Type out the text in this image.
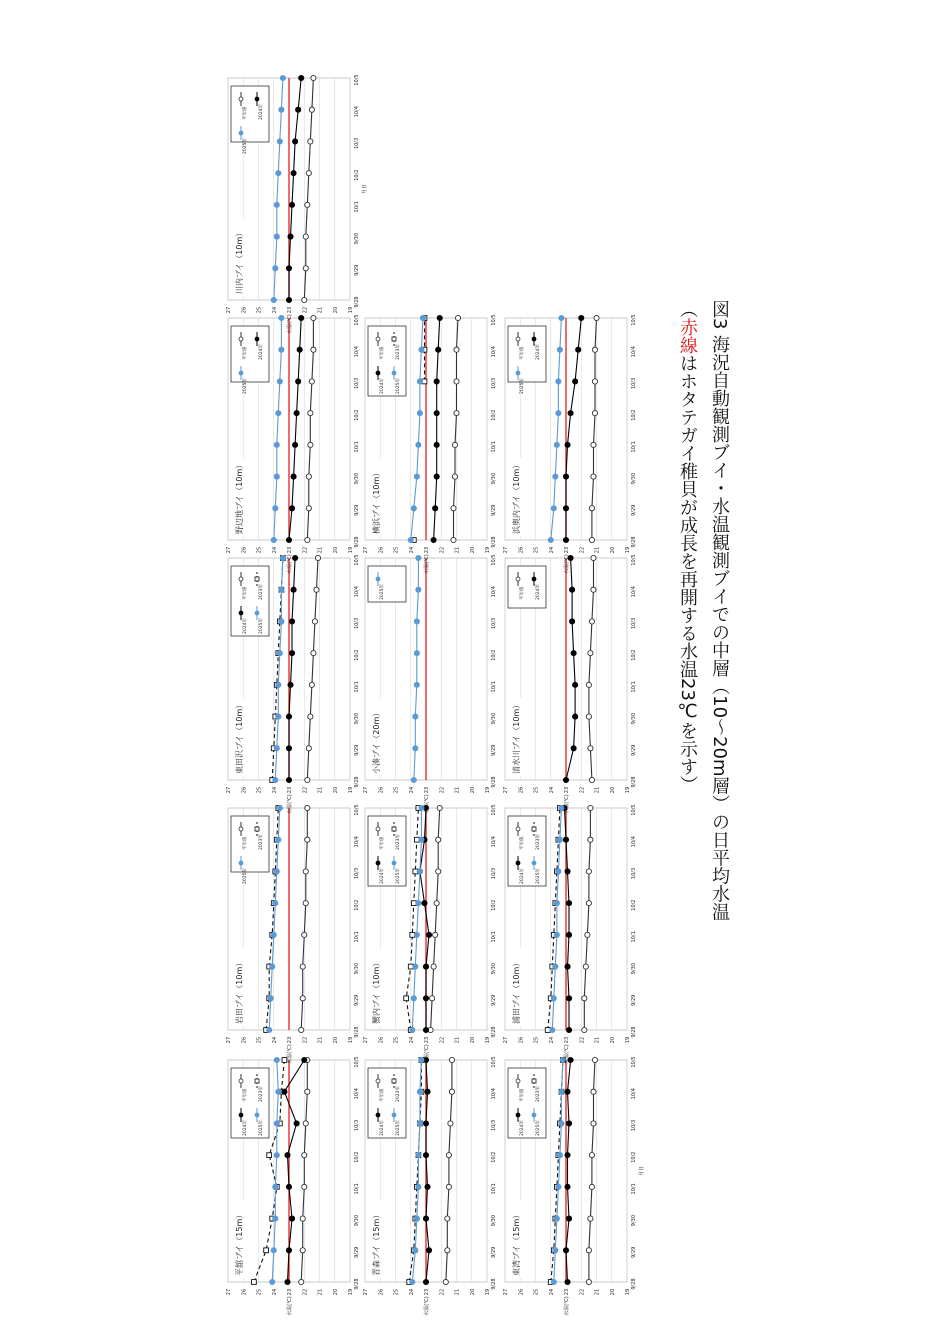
図3 海況自動観測ブイ・水温観測ブイでの中層（10〜20m層）の日平均水温
（赤線はホタテガイ稚貝が成長を再開する水温23℃を示す）
27 26 25 24 23 22 21 20 19
9/28
9/29
9/30
10/1
10/2
10/3
10/4
10/5
水温(℃)
平舘ブイ（15m）
平年値	2023年
2024年	2025年
27 26 25 24 23 22 21 20 19
9/28
9/29
9/30
10/1
10/2
10/3
10/4
10/5
水温(℃)
青森ブイ（15m）
平年値	2023年
2024年	2025年
27 26 25 24 23 22 21 20 19
9/28
9/29
9/30
10/1
10/2
10/3
10/4
10/5
水温(℃)
月日
東湾ブイ（15m）
平年値	2023年
2024年	2025年
27 26 25 24 23 22 21 20 19
9/28
9/29
9/30
10/1
10/2
10/3
10/4
10/5
水温(℃)
岩田ブイ（10m）
平年値	2023年
2025年
27 26 25 24 23 22 21 20 19
9/28
9/29
9/30
10/1
10/2
10/3
10/4
10/5
水温(℃)
蟹内ブイ（10m）
平年値	2023年
2024年	2025年
27 26 25 24 23 22 21 20 19
9/28
9/29
9/30
10/1
10/2
10/3
10/4
10/5
水温(℃)
浦田ブイ（10m）
平年値	2023年
2024年	2025年
27 26 25 24 23 22 21 20 19
9/28
9/29
9/30
10/1
10/2
10/3
10/4
10/5
水温(℃)
東田沢ブイ（10m）
平年値	2023年
2024年	2025年
27 26 25 24 23 22 21 20 19
9/28
9/29
9/30
10/1
10/2
10/3
10/4
10/5
水温(℃)
小湊ブイ（20m）
2025年
27 26 25 24 23 22 21 20 19
9/28
9/29
9/30
10/1
10/2
10/3
10/4
10/5
水温(℃)
清水川ブイ（10m）
平年値	2024年
27 26 25 24 23 22 21 20 19
9/28
9/29
9/30
10/1
10/2
10/3
10/4
10/5
水温(℃)
野辺地ブイ（10m）
平年値	2024年
2025年
27 26 25 24 23 22 21 20 19
9/28
9/29
9/30
10/1
10/2
10/3
10/4
10/5
水温(℃)
横浜ブイ（10m）
平年値	2023年
2024年	2025年
27 26 25 24 23 22 21 20 19
9/28
9/29
9/30
10/1
10/2
10/3
10/4
10/5
水温(℃)
浜奥内ブイ（10m）
平年値	2024年
2025年
27 26 25 24 23 22 21 20 19
9/28
9/29
9/30
10/1
10/2
10/3
10/4
10/5
水温(℃)
月日
川内ブイ（10m）
平年値	2024年
2025年
